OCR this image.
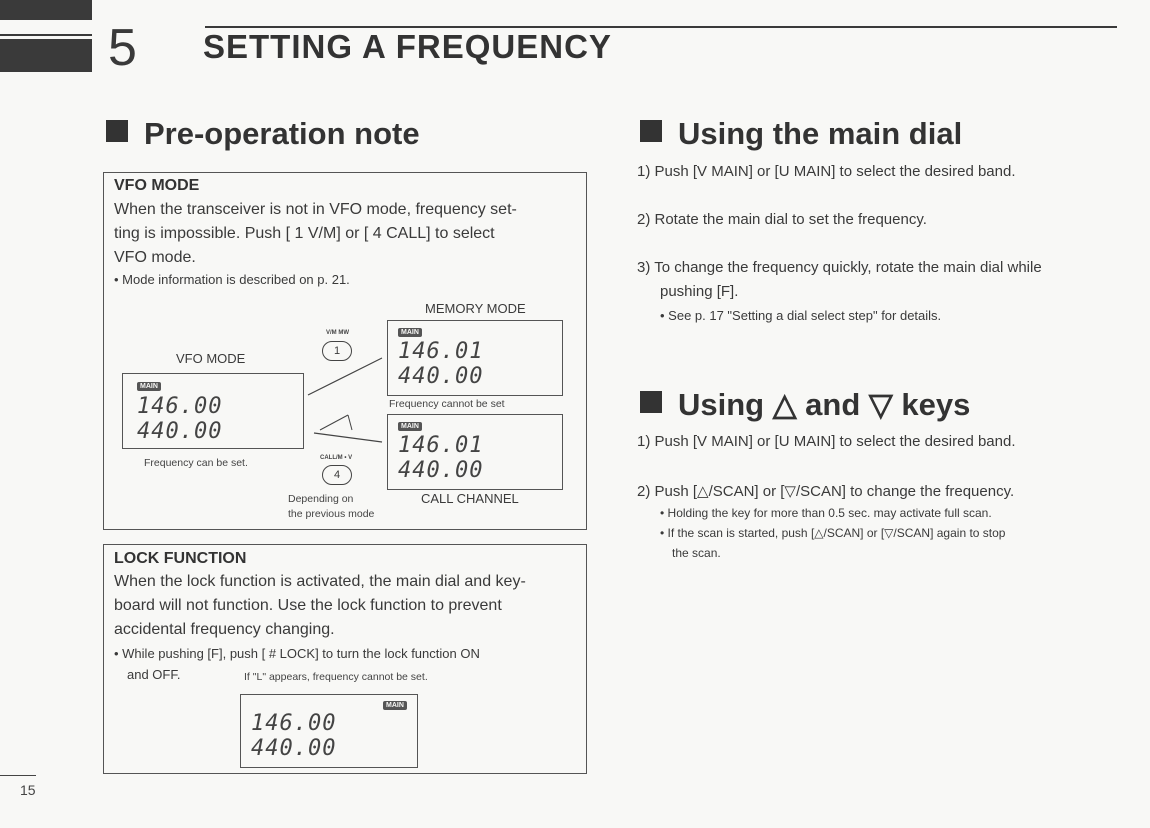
5 SETTING A FREQUENCY
Pre-operation note
VFO MODE
When the transceiver is not in VFO mode, frequency set-
ting is impossible. Push [ 1 V/M] or [ 4 CALL] to select
VFO mode.
• Mode information is described on p. 21.
MEMORY MODE
VFO MODE
V/M MW
1
CALL/M • V
4
MAIN
146.00 440.00
Frequency can be set.
MAIN
146.01 440.00
Frequency cannot be set
MAIN
146.01 440.00
Depending on
the previous mode
CALL CHANNEL
LOCK FUNCTION
When the lock function is activated, the main dial and key-
board will not function. Use the lock function to prevent
accidental frequency changing.
• While pushing [F], push [ # LOCK] to turn the lock function ON
and OFF.	If "L" appears, frequency cannot be set.
MAIN
146.00 440.00
Using the main dial
1) Push [V MAIN] or [U MAIN] to select the desired band.
2) Rotate the main dial to set the frequency.
3) To change the frequency quickly, rotate the main dial while
pushing [F].
• See p. 17 "Setting a dial select step" for details.
Using △ and ▽ keys
1) Push [V MAIN] or [U MAIN] to select the desired band.
2) Push [△/SCAN] or [▽/SCAN] to change the frequency.
• Holding the key for more than 0.5 sec. may activate full scan.
• If the scan is started, push [△/SCAN] or [▽/SCAN] again to stop
the scan.
15
